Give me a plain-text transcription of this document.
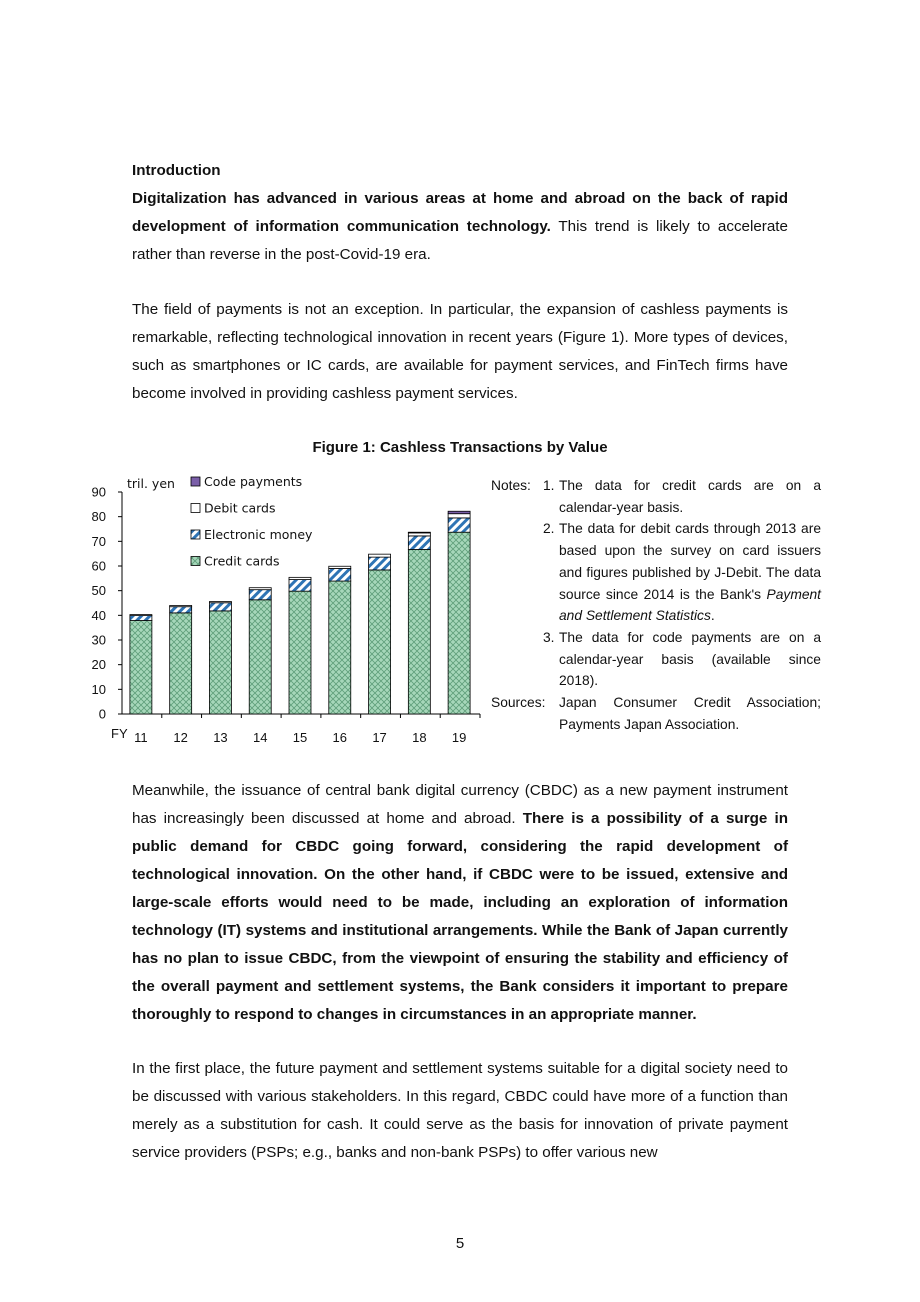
Introduction
Digitalization has advanced in various areas at home and abroad on the back of rapid development of information communication technology. This trend is likely to accelerate rather than reverse in the post-Covid-19 era.
The field of payments is not an exception. In particular, the expansion of cashless payments is remarkable, reflecting technological innovation in recent years (Figure 1). More types of devices, such as smartphones or IC cards, are available for payment services, and FinTech firms have become involved in providing cashless payment services.
Figure 1: Cashless Transactions by Value
0
10
20
30
40
50
60
70
80
90
tril. yen
FY 11 12 13 14 15 16 17 18 19
Code payments
Debit cards
Electronic money
Credit cards
Notes: 1. The data for credit cards are on a calendar-year basis.
2. The data for debit cards through 2013 are based upon the survey on card issuers and figures published by J-Debit. The data source since 2014 is the Bank's Payment and Settlement Statistics.
3. The data for code payments are on a calendar-year basis (available since 2018).
Sources: Japan Consumer Credit Association; Payments Japan Association.
Meanwhile, the issuance of central bank digital currency (CBDC) as a new payment instrument has increasingly been discussed at home and abroad. There is a possibility of a surge in public demand for CBDC going forward, considering the rapid development of technological innovation. On the other hand, if CBDC were to be issued, extensive and large-scale efforts would need to be made, including an exploration of information technology (IT) systems and institutional arrangements. While the Bank of Japan currently has no plan to issue CBDC, from the viewpoint of ensuring the stability and efficiency of the overall payment and settlement systems, the Bank considers it important to prepare thoroughly to respond to changes in circumstances in an appropriate manner.
In the first place, the future payment and settlement systems suitable for a digital society need to be discussed with various stakeholders. In this regard, CBDC could have more of a function than merely as a substitution for cash. It could serve as the basis for innovation of private payment service providers (PSPs; e.g., banks and non-bank PSPs) to offer various new
5
